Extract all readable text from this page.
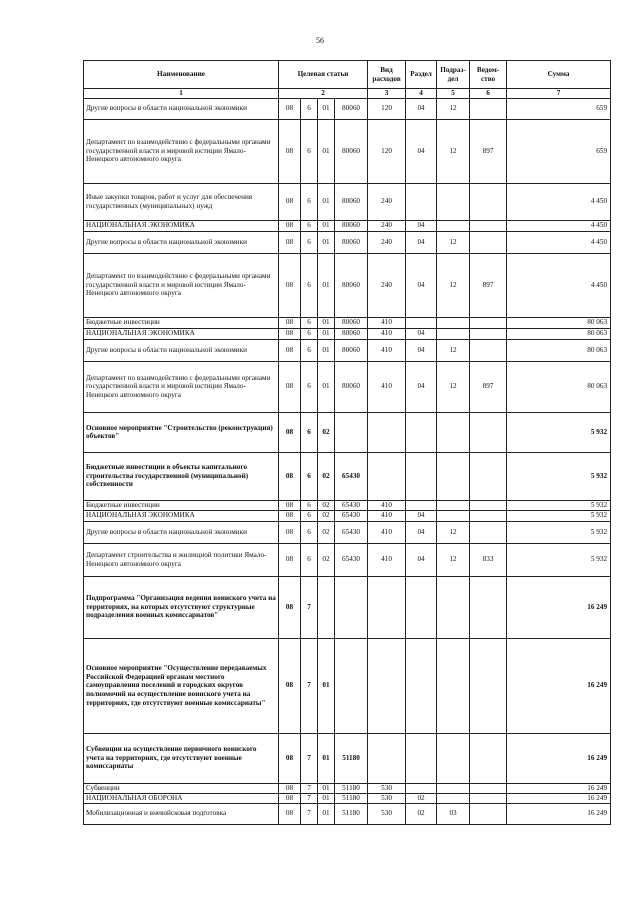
56
Наименование	Целевая статьи				Вид расходов	Раздел	Подраз- дел	Ведом- ство	Сумма
1	2				3	4	5	6	7
Другие вопросы в области национальной экономики	08	6	01	80060	120	04	12		659
Департамент по взаимодействию с федеральными органами государственной власти и мировой юстиции Ямало-Ненецкого автономного округа	08	6	01	80060	120	04	12	897	659
Иные закупки товаров, работ и услуг для обеспечения государственных (муниципальных) нужд	08	6	01	80060	240				4 450
НАЦИОНАЛЬНАЯ ЭКОНОМИКА	08	6	01	80060	240	04			4 450
Другие вопросы в области национальной экономики	08	6	01	80060	240	04	12		4 450
Департамент по взаимодействию с федеральными органами государственной власти и мировой юстиции Ямало-Ненецкого автономного округа	08	6	01	80060	240	04	12	897	4 450
Бюджетные инвестиции	08	6	01	80060	410				80 063
НАЦИОНАЛЬНАЯ ЭКОНОМИКА	08	6	01	80060	410	04			80 063
Другие вопросы в области национальной экономики	08	6	01	80060	410	04	12		80 063
Департамент по взаимодействию с федеральными органами государственной власти и мировой юстиции Ямало-Ненецкого автономного округа	08	6	01	80060	410	04	12	897	80 063
Основное мероприятие "Строительство (реконструкция) объектов"	08	6	02						5 932
Бюджетные инвестиции в объекты капитального строительства государственной (муниципальной) собственности	08	6	02	65430					5 932
Бюджетные инвестиции	08	6	02	65430	410				5 932
НАЦИОНАЛЬНАЯ ЭКОНОМИКА	08	6	02	65430	410	04			5 932
Другие вопросы в области национальной экономики	08	6	02	65430	410	04	12		5 932
Департамент строительства и жилищной политики Ямало-Ненецкого автономного округа	08	6	02	65430	410	04	12	833	5 932
Подпрограмма "Организация ведения воинского учета на территориях, на которых отсутствуют структурные подразделения военных комиссариатов"	08	7							16 249
Основное мероприятие "Осуществление передаваемых Российской Федерацией органам местного самоуправления поселений и городских округов полномочий на осуществление воинского учета на территориях, где отсутствуют военные комиссариаты"	08	7	01						16 249
Субвенции на осуществление первичного воинского учета на территориях, где отсутствуют военные комиссариаты	08	7	01	51180					16 249
Субвенции	08	7	01	51180	530				16 249
НАЦИОНАЛЬНАЯ ОБОРОНА	08	7	01	51180	530	02			16 249
Мобилизационная и вневойсковая подготовка	08	7	01	51180	530	02	03		16 249
